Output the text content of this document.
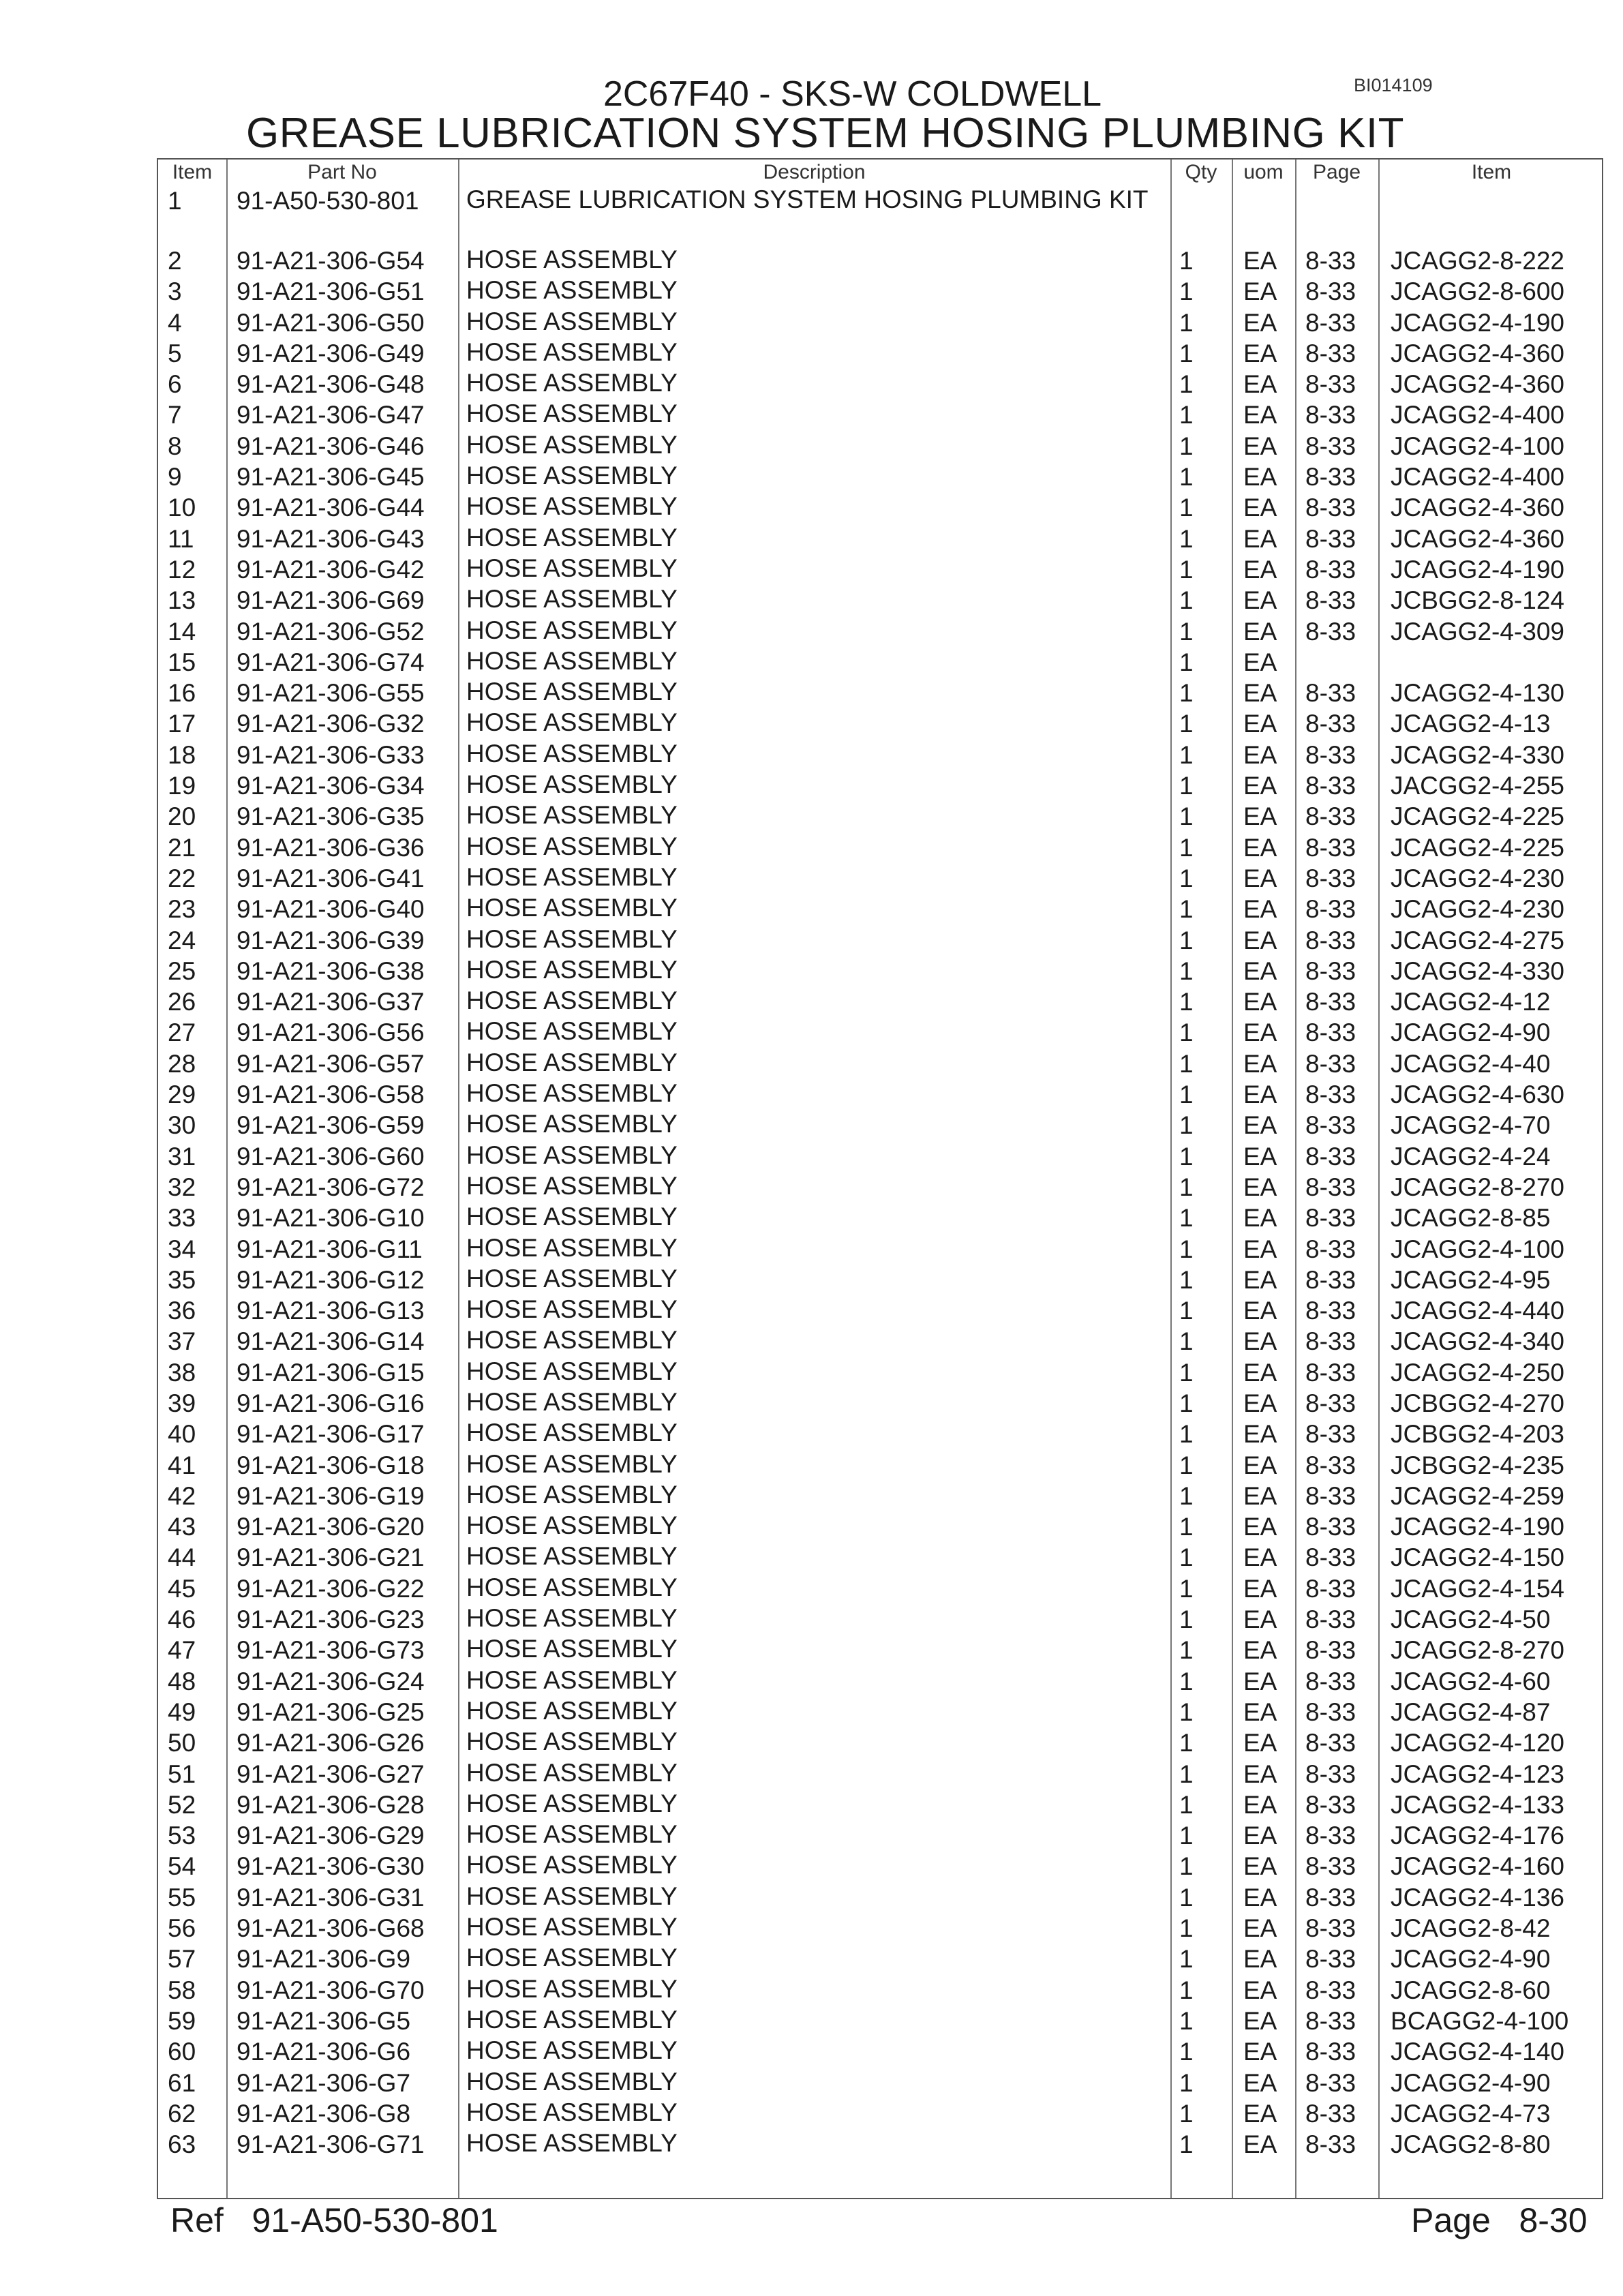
BI014109
2C67F40 - SKS-W COLDWELL
GREASE LUBRICATION SYSTEM HOSING PLUMBING KIT
Item	Part No	Description	Qty	uom	Page	Item
1 91-A50-530-801 GREASE LUBRICATION SYSTEM HOSING PLUMBING KIT
2 91-A21-306-G54 HOSE ASSEMBLY	1 EA 8-33 JCAGG2-8-222
3 91-A21-306-G51 HOSE ASSEMBLY	1 EA 8-33 JCAGG2-8-600
4 91-A21-306-G50 HOSE ASSEMBLY	1 EA 8-33 JCAGG2-4-190
5 91-A21-306-G49 HOSE ASSEMBLY	1 EA 8-33 JCAGG2-4-360
6 91-A21-306-G48 HOSE ASSEMBLY	1 EA 8-33 JCAGG2-4-360
7 91-A21-306-G47 HOSE ASSEMBLY	1 EA 8-33 JCAGG2-4-400
8 91-A21-306-G46 HOSE ASSEMBLY	1 EA 8-33 JCAGG2-4-100
9 91-A21-306-G45 HOSE ASSEMBLY	1 EA 8-33 JCAGG2-4-400
10 91-A21-306-G44 HOSE ASSEMBLY	1 EA 8-33 JCAGG2-4-360
11 91-A21-306-G43 HOSE ASSEMBLY	1 EA 8-33 JCAGG2-4-360
12 91-A21-306-G42 HOSE ASSEMBLY	1 EA 8-33 JCAGG2-4-190
13 91-A21-306-G69 HOSE ASSEMBLY	1 EA 8-33 JCBGG2-8-124
14 91-A21-306-G52 HOSE ASSEMBLY	1 EA 8-33 JCAGG2-4-309
15 91-A21-306-G74 HOSE ASSEMBLY	1 EA
16 91-A21-306-G55 HOSE ASSEMBLY	1 EA 8-33 JCAGG2-4-130
17 91-A21-306-G32 HOSE ASSEMBLY	1 EA 8-33 JCAGG2-4-13
18 91-A21-306-G33 HOSE ASSEMBLY	1 EA 8-33 JCAGG2-4-330
19 91-A21-306-G34 HOSE ASSEMBLY	1 EA 8-33 JACGG2-4-255
20 91-A21-306-G35 HOSE ASSEMBLY	1 EA 8-33 JCAGG2-4-225
21 91-A21-306-G36 HOSE ASSEMBLY	1 EA 8-33 JCAGG2-4-225
22 91-A21-306-G41 HOSE ASSEMBLY	1 EA 8-33 JCAGG2-4-230
23 91-A21-306-G40 HOSE ASSEMBLY	1 EA 8-33 JCAGG2-4-230
24 91-A21-306-G39 HOSE ASSEMBLY	1 EA 8-33 JCAGG2-4-275
25 91-A21-306-G38 HOSE ASSEMBLY	1 EA 8-33 JCAGG2-4-330
26 91-A21-306-G37 HOSE ASSEMBLY	1 EA 8-33 JCAGG2-4-12
27 91-A21-306-G56 HOSE ASSEMBLY	1 EA 8-33 JCAGG2-4-90
28 91-A21-306-G57 HOSE ASSEMBLY	1 EA 8-33 JCAGG2-4-40
29 91-A21-306-G58 HOSE ASSEMBLY	1 EA 8-33 JCAGG2-4-630
30 91-A21-306-G59 HOSE ASSEMBLY	1 EA 8-33 JCAGG2-4-70
31 91-A21-306-G60 HOSE ASSEMBLY	1 EA 8-33 JCAGG2-4-24
32 91-A21-306-G72 HOSE ASSEMBLY	1 EA 8-33 JCAGG2-8-270
33 91-A21-306-G10 HOSE ASSEMBLY	1 EA 8-33 JCAGG2-8-85
34 91-A21-306-G11 HOSE ASSEMBLY	1 EA 8-33 JCAGG2-4-100
35 91-A21-306-G12 HOSE ASSEMBLY	1 EA 8-33 JCAGG2-4-95
36 91-A21-306-G13 HOSE ASSEMBLY	1 EA 8-33 JCAGG2-4-440
37 91-A21-306-G14 HOSE ASSEMBLY	1 EA 8-33 JCAGG2-4-340
38 91-A21-306-G15 HOSE ASSEMBLY	1 EA 8-33 JCAGG2-4-250
39 91-A21-306-G16 HOSE ASSEMBLY	1 EA 8-33 JCBGG2-4-270
40 91-A21-306-G17 HOSE ASSEMBLY	1 EA 8-33 JCBGG2-4-203
41 91-A21-306-G18 HOSE ASSEMBLY	1 EA 8-33 JCBGG2-4-235
42 91-A21-306-G19 HOSE ASSEMBLY	1 EA 8-33 JCAGG2-4-259
43 91-A21-306-G20 HOSE ASSEMBLY	1 EA 8-33 JCAGG2-4-190
44 91-A21-306-G21 HOSE ASSEMBLY	1 EA 8-33 JCAGG2-4-150
45 91-A21-306-G22 HOSE ASSEMBLY	1 EA 8-33 JCAGG2-4-154
46 91-A21-306-G23 HOSE ASSEMBLY	1 EA 8-33 JCAGG2-4-50
47 91-A21-306-G73 HOSE ASSEMBLY	1 EA 8-33 JCAGG2-8-270
48 91-A21-306-G24 HOSE ASSEMBLY	1 EA 8-33 JCAGG2-4-60
49 91-A21-306-G25 HOSE ASSEMBLY	1 EA 8-33 JCAGG2-4-87
50 91-A21-306-G26 HOSE ASSEMBLY	1 EA 8-33 JCAGG2-4-120
51 91-A21-306-G27 HOSE ASSEMBLY	1 EA 8-33 JCAGG2-4-123
52 91-A21-306-G28 HOSE ASSEMBLY	1 EA 8-33 JCAGG2-4-133
53 91-A21-306-G29 HOSE ASSEMBLY	1 EA 8-33 JCAGG2-4-176
54 91-A21-306-G30 HOSE ASSEMBLY	1 EA 8-33 JCAGG2-4-160
55 91-A21-306-G31 HOSE ASSEMBLY	1 EA 8-33 JCAGG2-4-136
56 91-A21-306-G68 HOSE ASSEMBLY	1 EA 8-33 JCAGG2-8-42
57 91-A21-306-G9 HOSE ASSEMBLY	1 EA 8-33 JCAGG2-4-90
58 91-A21-306-G70 HOSE ASSEMBLY	1 EA 8-33 JCAGG2-8-60
59 91-A21-306-G5 HOSE ASSEMBLY	1 EA 8-33 BCAGG2-4-100
60 91-A21-306-G6 HOSE ASSEMBLY	1 EA 8-33 JCAGG2-4-140
61 91-A21-306-G7 HOSE ASSEMBLY	1 EA 8-33 JCAGG2-4-90
62 91-A21-306-G8 HOSE ASSEMBLY	1 EA 8-33 JCAGG2-4-73
63 91-A21-306-G71 HOSE ASSEMBLY	1 EA 8-33 JCAGG2-8-80
Ref   91-A50-530-801	Page   8-30
